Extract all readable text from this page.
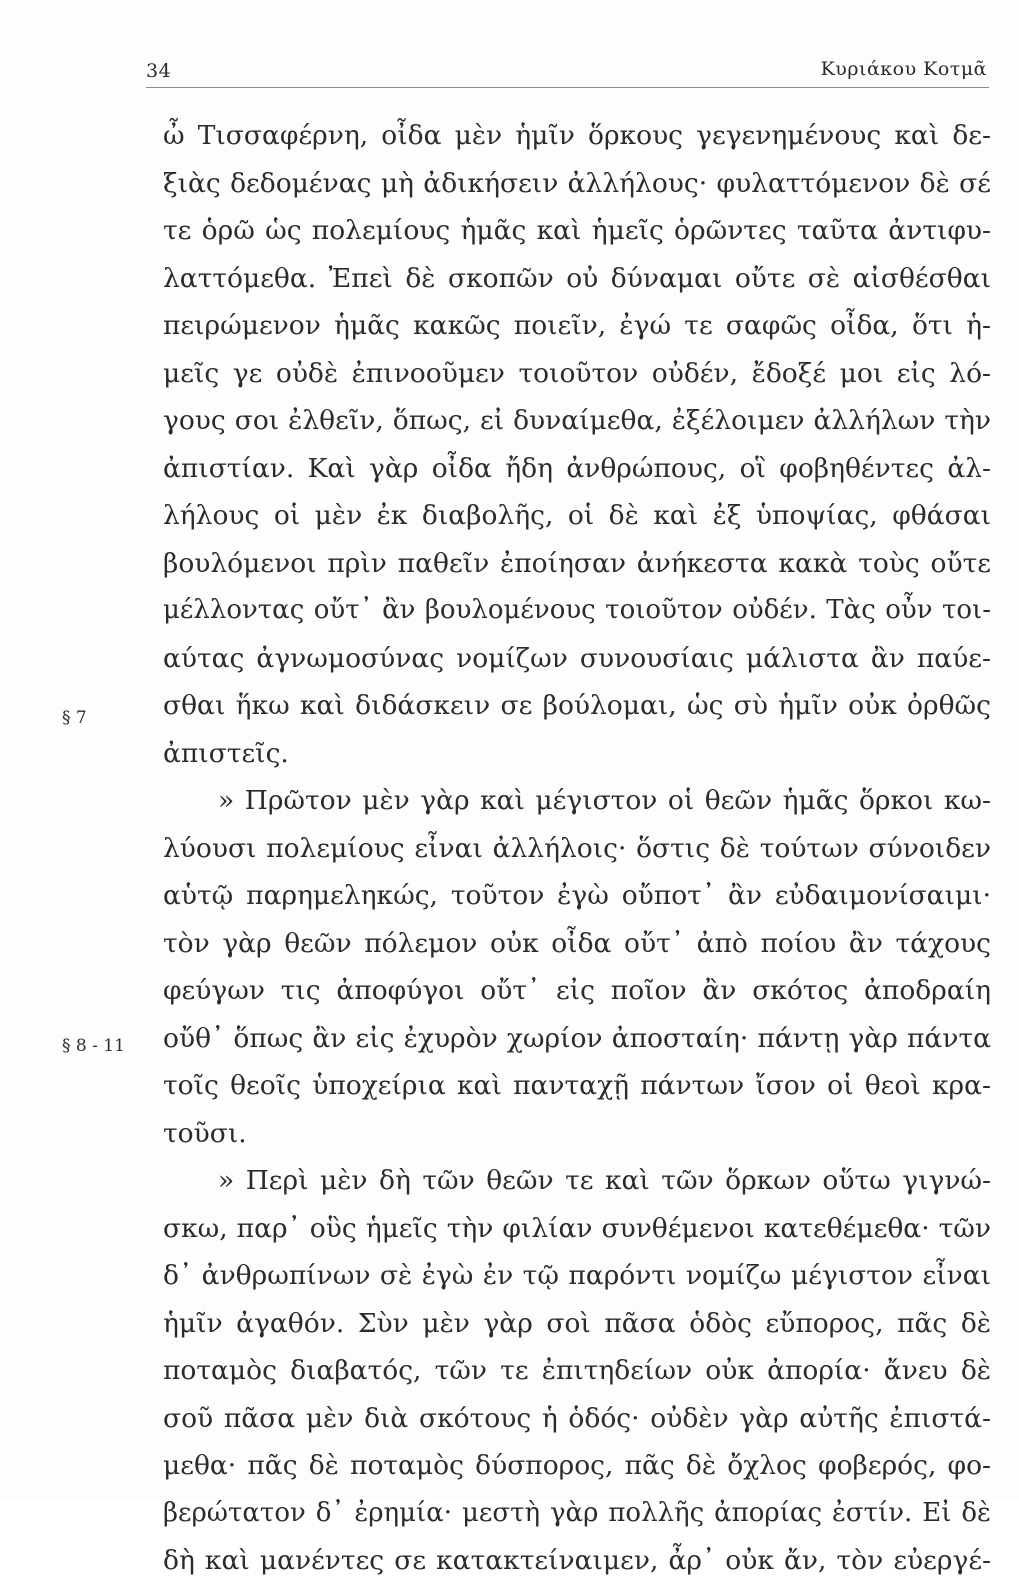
34	Κυριάκου Κοτμᾶ
§ 7
§ 8 - 11
ὦ Τισσαφέρνη, οἶδα μὲν ἡμῖν ὅρκους γεγενημένους καὶ δε-
ξιὰς δεδομένας μὴ ἀδικήσειν ἀλλήλους· φυλαττόμενον δὲ σέ
τε ὁρῶ ὡς πολεμίους ἡμᾶς καὶ ἡμεῖς ὁρῶντες ταῦτα ἀντιφυ-
λαττόμεθα. Ἐπεὶ δὲ σκοπῶν οὐ δύναμαι οὔτε σὲ αἰσθέσθαι
πειρώμενον ἡμᾶς κακῶς ποιεῖν, ἐγώ τε σαφῶς οἶδα, ὅτι ἡ-
μεῖς γε οὐδὲ ἐπινοοῦμεν τοιοῦτον οὐδέν, ἔδοξέ μοι εἰς λό-
γους σοι ἐλθεῖν, ὅπως, εἰ δυναίμεθα, ἐξέλοιμεν ἀλλήλων τὴν
ἀπιστίαν. Καὶ γὰρ οἶδα ἤδη ἀνθρώπους, οἳ φοβηθέντες ἀλ-
λήλους οἱ μὲν ἐκ διαβολῆς, οἱ δὲ καὶ ἐξ ὑποψίας, φθάσαι
βουλόμενοι πρὶν παθεῖν ἐποίησαν ἀνήκεστα κακὰ τοὺς οὔτε
μέλλοντας οὔτ᾿ ἂν βουλομένους τοιοῦτον οὐδέν. Τὰς οὖν τοι-
αύτας ἀγνωμοσύνας νομίζων συνουσίαις μάλιστα ἂν παύε-
σθαι ἥκω καὶ διδάσκειν σε βούλομαι, ὡς σὺ ἡμῖν οὐκ ὀρθῶς
ἀπιστεῖς.
» Πρῶτον μὲν γὰρ καὶ μέγιστον οἱ θεῶν ἡμᾶς ὅρκοι κω-
λύουσι πολεμίους εἶναι ἀλλήλοις· ὅστις δὲ τούτων σύνοιδεν
αὑτῷ παρημεληκώς, τοῦτον ἐγὼ οὔποτ᾿ ἂν εὐδαιμονίσαιμι·
τὸν γὰρ θεῶν πόλεμον οὐκ οἶδα οὔτ᾿ ἀπὸ ποίου ἂν τάχους
φεύγων τις ἀποφύγοι οὔτ᾿ εἰς ποῖον ἂν σκότος ἀποδραίη
οὔθ᾿ ὅπως ἂν εἰς ἐχυρὸν χωρίον ἀποσταίη· πάντῃ γὰρ πάντα
τοῖς θεοῖς ὑποχείρια καὶ πανταχῇ πάντων ἴσον οἱ θεοὶ κρα-
τοῦσι.
» Περὶ μὲν δὴ τῶν θεῶν τε καὶ τῶν ὅρκων οὕτω γιγνώ-
σκω, παρ᾿ οὓς ἡμεῖς τὴν φιλίαν συνθέμενοι κατεθέμεθα· τῶν
δ᾿ ἀνθρωπίνων σὲ ἐγὼ ἐν τῷ παρόντι νομίζω μέγιστον εἶναι
ἡμῖν ἀγαθόν. Σὺν μὲν γὰρ σοὶ πᾶσα ὁδὸς εὔπορος, πᾶς δὲ
ποταμὸς διαβατός, τῶν τε ἐπιτηδείων οὐκ ἀπορία· ἄνευ δὲ
σοῦ πᾶσα μὲν διὰ σκότους ἡ ὁδός· οὐδὲν γὰρ αὐτῆς ἐπιστά-
μεθα· πᾶς δὲ ποταμὸς δύσπορος, πᾶς δὲ ὄχλος φοβερός, φο-
βερώτατον δ᾿ ἐρημία· μεστὴ γὰρ πολλῆς ἀπορίας ἐστίν. Εἰ δὲ
δὴ καὶ μανέντες σε κατακτείναιμεν, ἆρ᾿ οὐκ ἄν, τὸν εὐεργέ-
